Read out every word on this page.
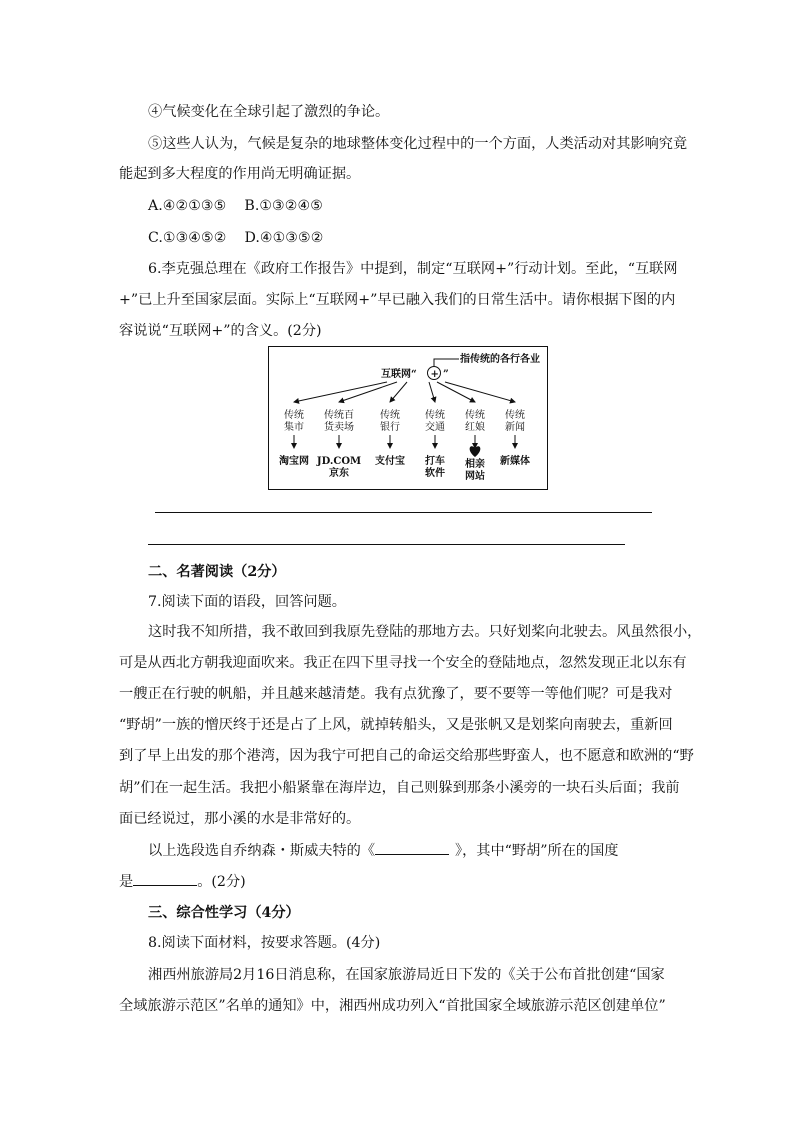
④气候变化在全球引起了激烈的争论。
⑤这些人认为，气候是复杂的地球整体变化过程中的一个方面，人类活动对其影响究竟
能起到多大程度的作用尚无明确证据。
A.④②①③⑤    B.①③②④⑤
C.①③④⑤②    D.④①③⑤②
6.李克强总理在《政府工作报告》中提到，制定“互联网+”行动计划。至此，“互联网
+”已上升至国家层面。实际上“互联网+”早已融入我们的日常生活中。请你根据下图的内
容说说“互联网+”的含义。(2分)
互联网“ + ”
指传统的各行各业
传统
集市
淘宝网
传统百
货卖场
JD.COM
京东
传统
银行
支付宝
传统
交通
打车
软件
传统
红娘
相亲
网站
传统
新闻
新媒体
二、名著阅读（2分）
7.阅读下面的语段，回答问题。
这时我不知所措，我不敢回到我原先登陆的那地方去。只好划桨向北驶去。风虽然很小，
可是从西北方朝我迎面吹来。我正在四下里寻找一个安全的登陆地点，忽然发现正北以东有
一艘正在行驶的帆船，并且越来越清楚。我有点犹豫了，要不要等一等他们呢？可是我对
“野胡”一族的憎厌终于还是占了上风，就掉转船头，又是张帆又是划桨向南驶去，重新回
到了早上出发的那个港湾，因为我宁可把自己的命运交给那些野蛮人，也不愿意和欧洲的“野
胡”们在一起生活。我把小船紧靠在海岸边，自己则躲到那条小溪旁的一块石头后面；我前
面已经说过，那小溪的水是非常好的。
以上选段选自乔纳森・斯威夫特的《	》，其中“野胡”所在的国度
是	。(2分)
三、综合性学习（4分）
8.阅读下面材料，按要求答题。(4分)
湘西州旅游局2月16日消息称，在国家旅游局近日下发的《关于公布首批创建“国家
全域旅游示范区”名单的通知》中，湘西州成功列入“首批国家全域旅游示范区创建单位”
